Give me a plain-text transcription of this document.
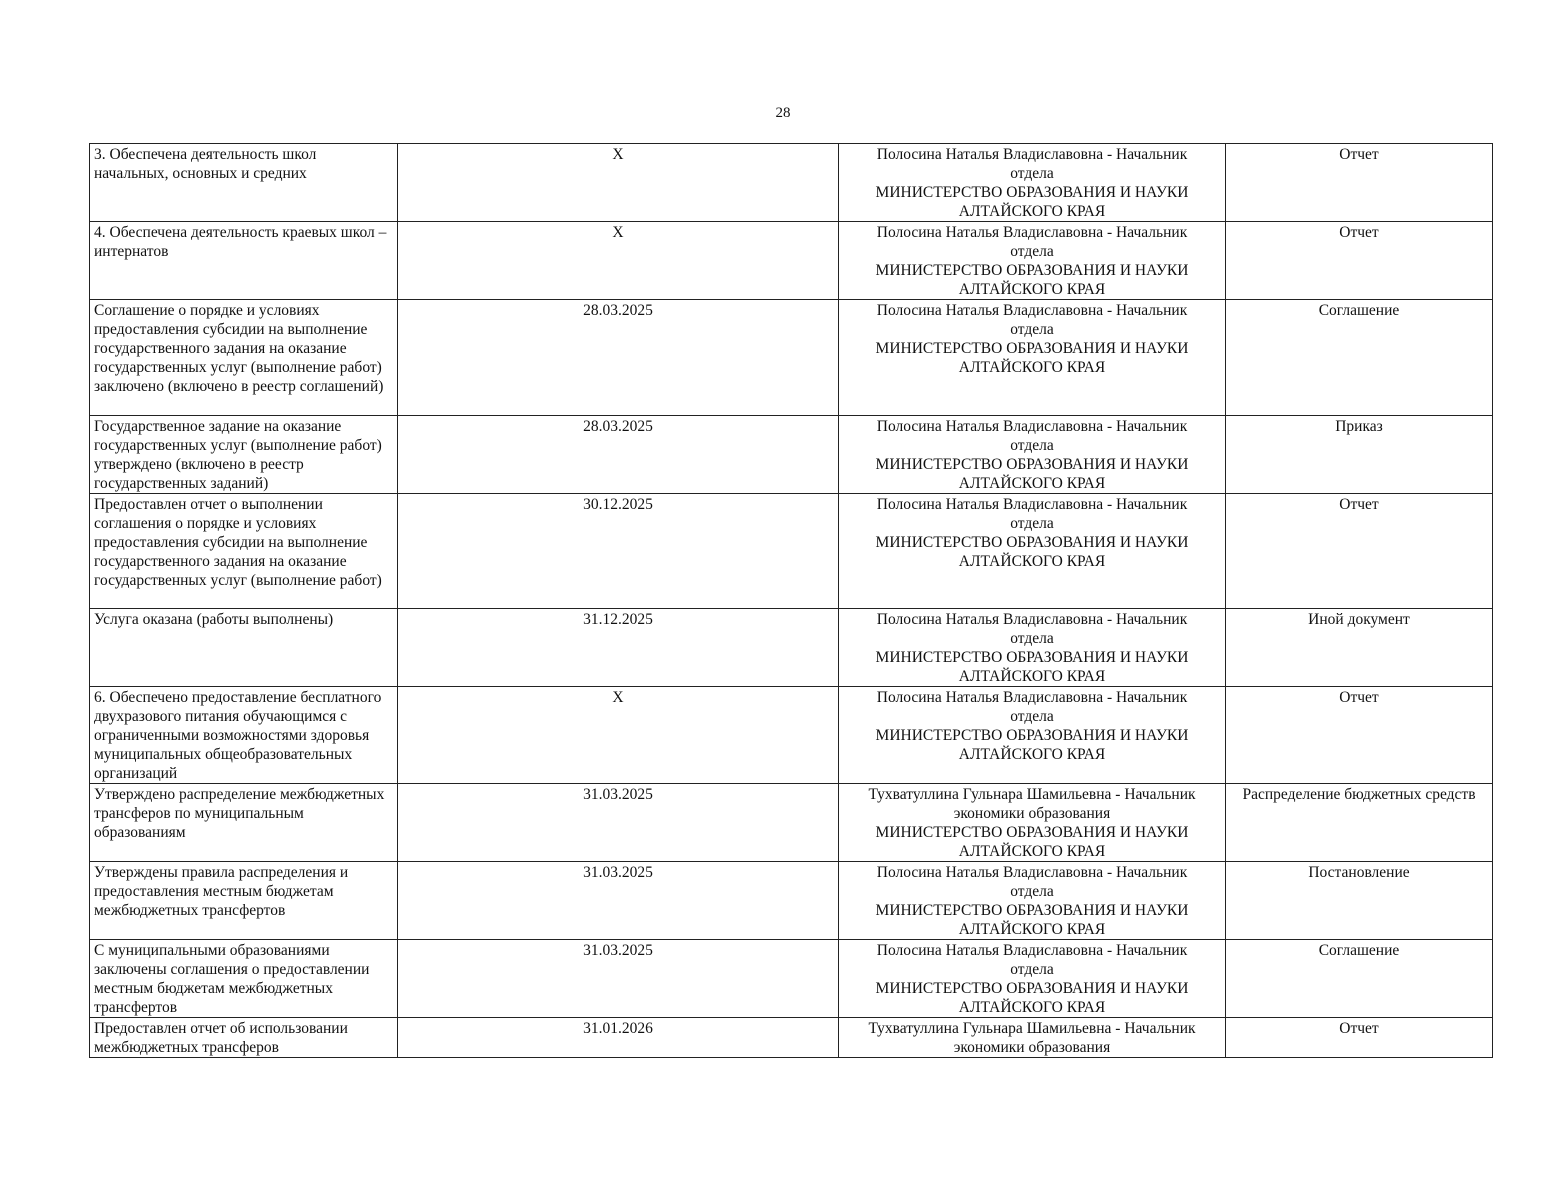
28
3. Обеспечена деятельность школ начальных, основных и средних	X	Полосина Наталья Владиславовна - Начальник
отдела
МИНИСТЕРСТВО ОБРАЗОВАНИЯ И НАУКИ
АЛТАЙСКОГО КРАЯ	Отчет
4. Обеспечена деятельность краевых школ – интернатов	X	Полосина Наталья Владиславовна - Начальник
отдела
МИНИСТЕРСТВО ОБРАЗОВАНИЯ И НАУКИ
АЛТАЙСКОГО КРАЯ	Отчет
Соглашение о порядке и условиях предоставления субсидии на выполнение государственного задания на оказание государственных услуг (выполнение работ) заключено (включено в реестр соглашений)	28.03.2025	Полосина Наталья Владиславовна - Начальник
отдела
МИНИСТЕРСТВО ОБРАЗОВАНИЯ И НАУКИ
АЛТАЙСКОГО КРАЯ	Соглашение
Государственное задание на оказание государственных услуг (выполнение работ) утверждено (включено в реестр государственных заданий)	28.03.2025	Полосина Наталья Владиславовна - Начальник
отдела
МИНИСТЕРСТВО ОБРАЗОВАНИЯ И НАУКИ
АЛТАЙСКОГО КРАЯ	Приказ
Предоставлен отчет о выполнении соглашения о порядке и условиях предоставления субсидии на выполнение государственного задания на оказание государственных услуг (выполнение работ)	30.12.2025	Полосина Наталья Владиславовна - Начальник
отдела
МИНИСТЕРСТВО ОБРАЗОВАНИЯ И НАУКИ
АЛТАЙСКОГО КРАЯ	Отчет
Услуга оказана (работы выполнены)	31.12.2025	Полосина Наталья Владиславовна - Начальник
отдела
МИНИСТЕРСТВО ОБРАЗОВАНИЯ И НАУКИ
АЛТАЙСКОГО КРАЯ	Иной документ
6. Обеспечено предоставление бесплатного двухразового питания обучающимся с ограниченными возможностями здоровья муниципальных общеобразовательных организаций	X	Полосина Наталья Владиславовна - Начальник
отдела
МИНИСТЕРСТВО ОБРАЗОВАНИЯ И НАУКИ
АЛТАЙСКОГО КРАЯ	Отчет
Утверждено распределение межбюджетных трансферов по муниципальным образованиям	31.03.2025	Тухватуллина Гульнара Шамильевна - Начальник
экономики образования
МИНИСТЕРСТВО ОБРАЗОВАНИЯ И НАУКИ
АЛТАЙСКОГО КРАЯ	Распределение бюджетных средств
Утверждены правила распределения и предоставления местным бюджетам межбюджетных трансфертов	31.03.2025	Полосина Наталья Владиславовна - Начальник
отдела
МИНИСТЕРСТВО ОБРАЗОВАНИЯ И НАУКИ
АЛТАЙСКОГО КРАЯ	Постановление
С муниципальными образованиями заключены соглашения о предоставлении местным бюджетам межбюджетных трансфертов	31.03.2025	Полосина Наталья Владиславовна - Начальник
отдела
МИНИСТЕРСТВО ОБРАЗОВАНИЯ И НАУКИ
АЛТАЙСКОГО КРАЯ	Соглашение
Предоставлен отчет об использовании межбюджетных трансферов	31.01.2026	Тухватуллина Гульнара Шамильевна - Начальник
экономики образования	Отчет
